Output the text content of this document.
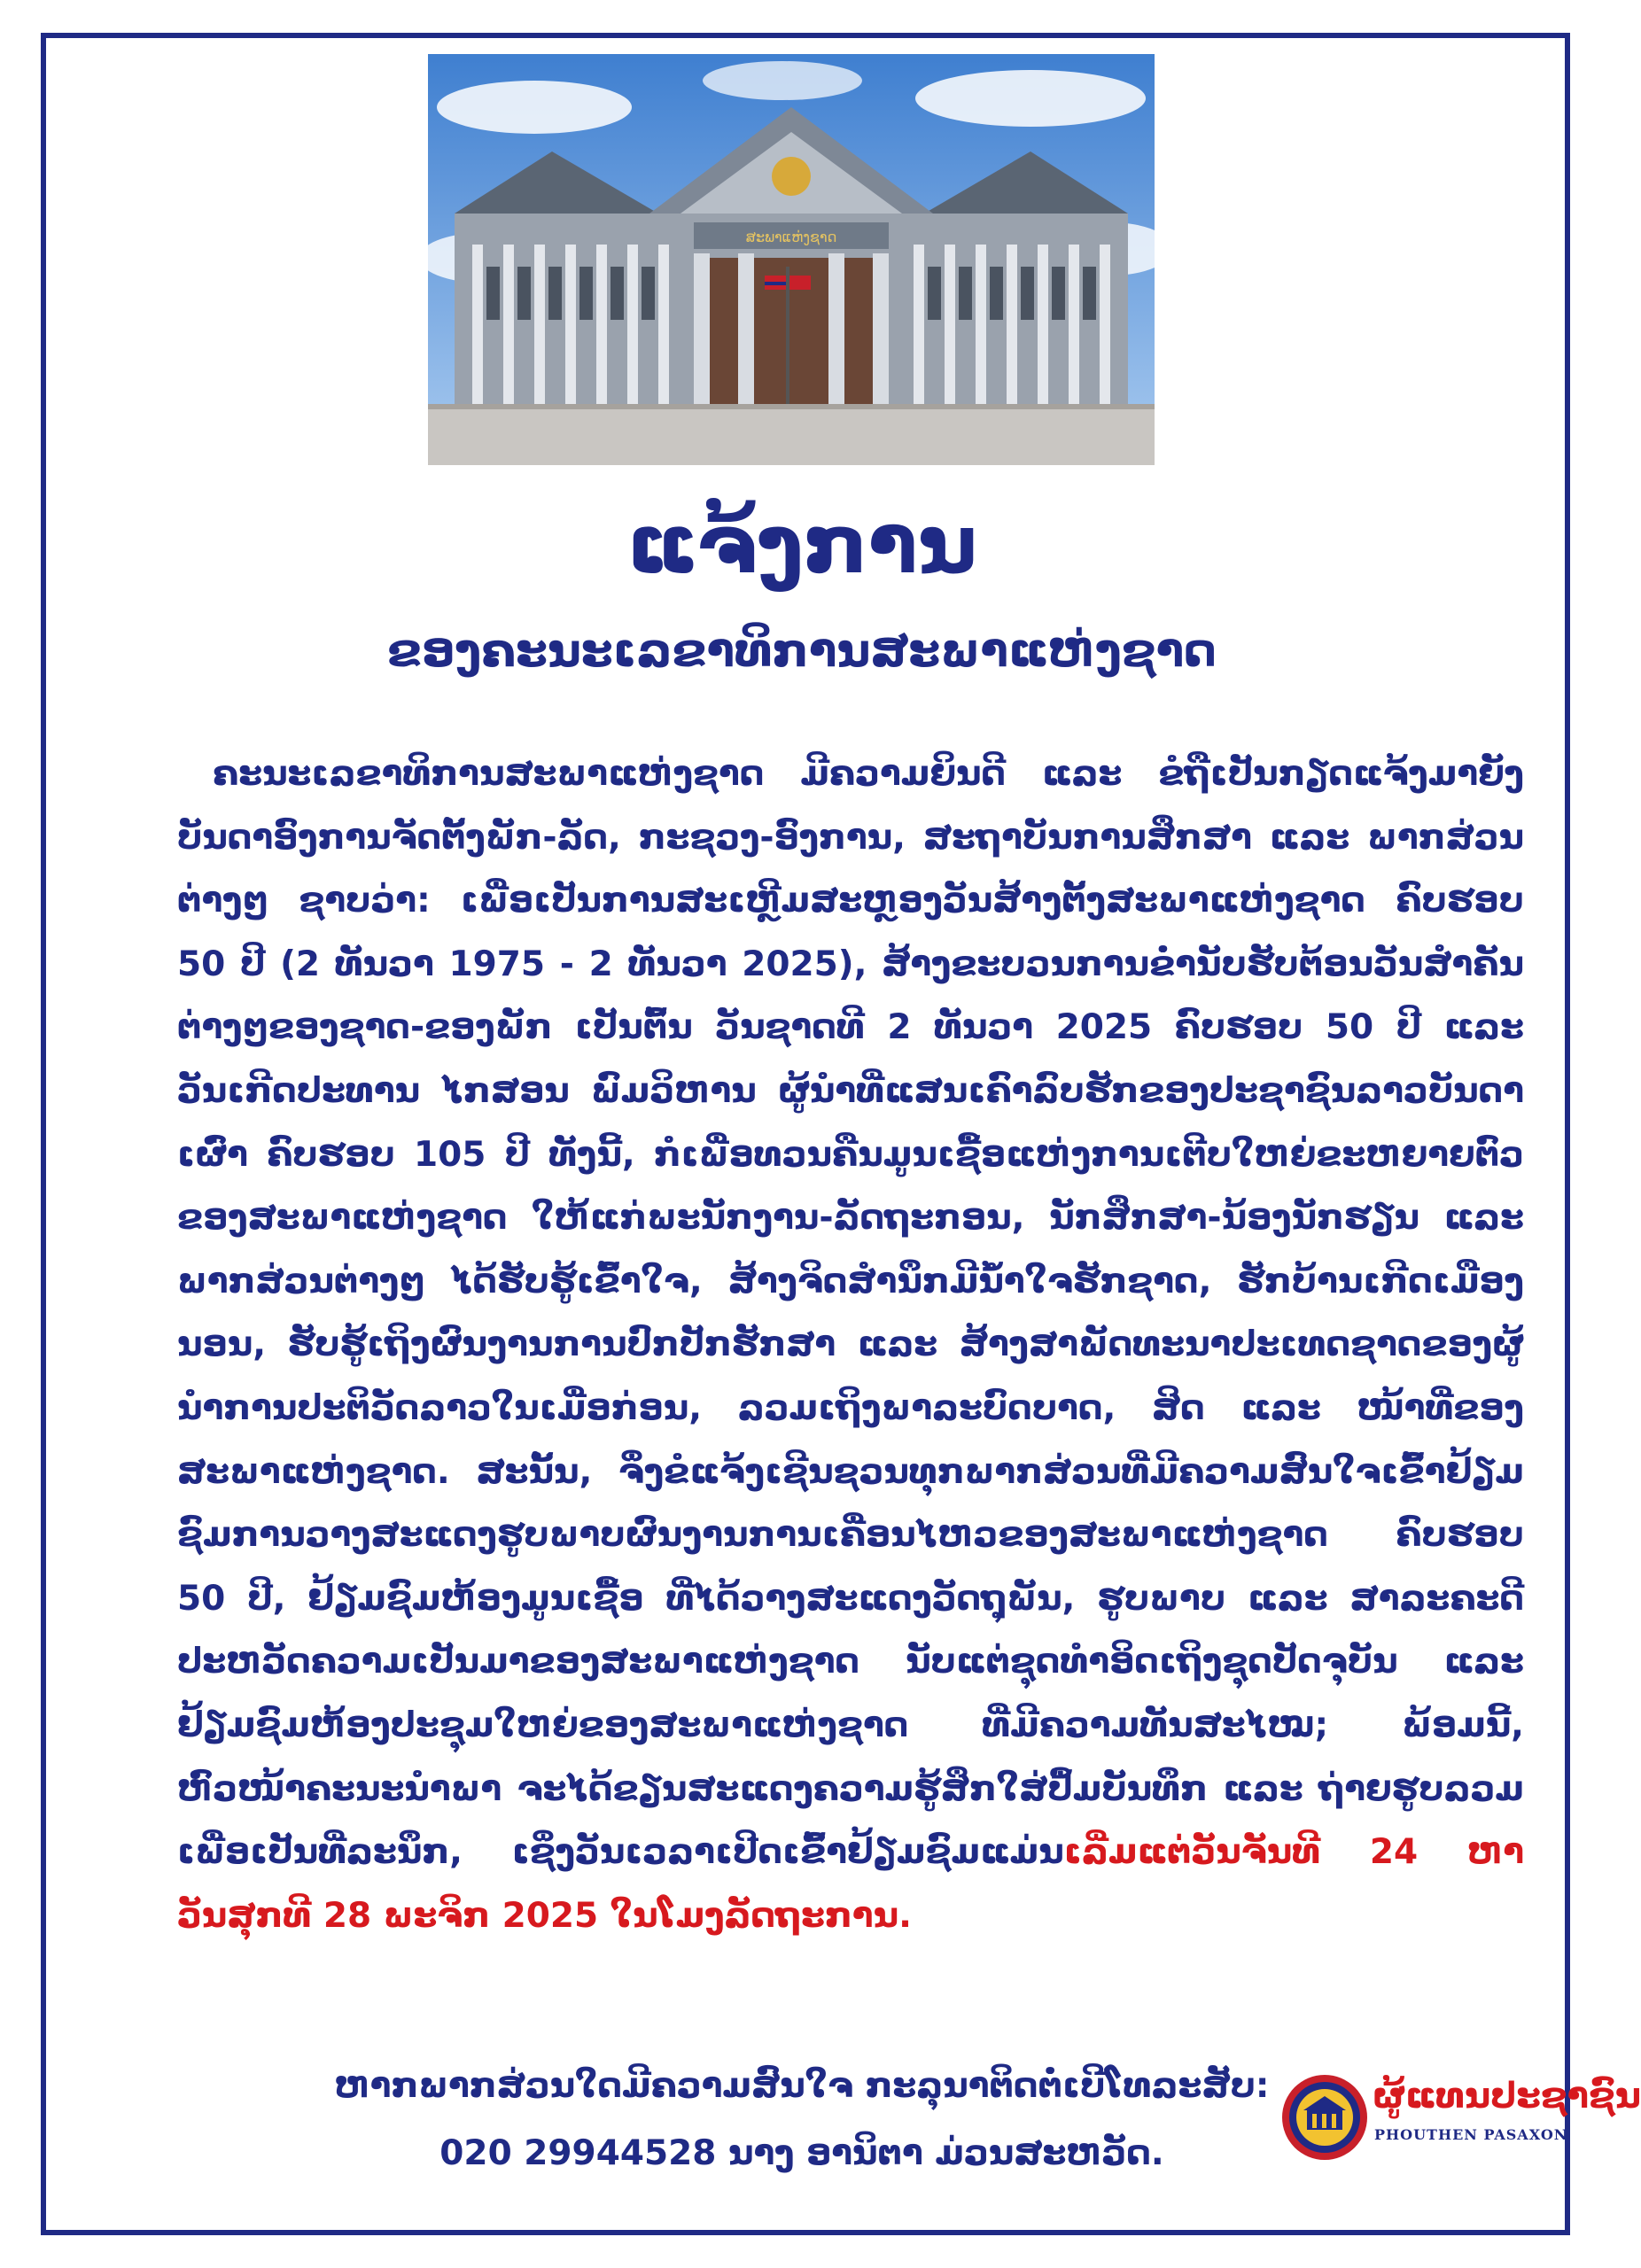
ສະພາແຫ່ງຊາດ
ແຈ້ງການ
ຂອງຄະນະເລຂາທິການສະພາແຫ່ງຊາດ

ຄະນະເລຂາທິການສະພາແຫ່ງຊາດ ມີຄວາມຍິນດີ ແລະ ຂໍຖືເປັນກຽດແຈ້ງມາຍັງບັນດາອົງການຈັດຕັ້ງພັກ-ລັດ, ກະຊວງ-ອົງການ, ສະຖາບັນການສຶກສາ ແລະ ພາກສ່ວນຕ່າງໆ ຊາບວ່າ: ເພື່ອເປັນການສະເຫຼີມສະຫຼອງວັນສ້າງຕັ້ງສະພາແຫ່ງຊາດ ຄົບຮອບ 50 ປີ (2 ທັນວາ 1975 - 2 ທັນວາ 2025), ສ້າງຂະບວນການຂໍ່ານັບຮັບຕ້ອນວັນສໍາຄັນຕ່າງໆຂອງຊາດ-ຂອງພັກ ເປັນຕົ້ນ ວັນຊາດທີ 2 ທັນວາ 2025 ຄົບຮອບ 50 ປີ ແລະ ວັນເກີດປະທານ ໄກສອນ ພົມວິຫານ ຜູ້ນໍາທີ່ແສນເຄົາລົບຮັກຂອງປະຊາຊົນລາວບັນດາເຜົ່າ ຄົບຮອບ 105 ປີ ທັງນີ້, ກໍເພື່ອທວນຄືນມູນເຊື້ອແຫ່ງການເຕີບໃຫຍ່ຂະຫຍາຍຕົວຂອງສະພາແຫ່ງຊາດ ໃຫ້ແກ່ພະນັກງານ-ລັດຖະກອນ, ນັກສຶກສາ-ນ້ອງນັກຮຽນ ແລະ ພາກສ່ວນຕ່າງໆ ໄດ້ຮັບຮູ້ເຂົ້າໃຈ, ສ້າງຈິດສໍານຶກມີນໍ້າໃຈຮັກຊາດ, ຮັກບ້ານເກີດເມືອງນອນ, ຮັບຮູ້ເຖິງຜົນງານການປົກປັກຮັກສາ ແລະ ສ້າງສາພັດທະນາປະເທດຊາດຂອງຜູ້ນໍາການປະຕິວັດລາວໃນເມື່ອກ່ອນ, ລວມເຖິງພາລະບົດບາດ, ສິດ ແລະ ໜ້າທີ່ຂອງສະພາແຫ່ງຊາດ. ສະນັ້ນ, ຈຶ່ງຂໍແຈ້ງເຊີນຊວນທຸກພາກສ່ວນທີ່ມີຄວາມສົນໃຈເຂົ້າຢ້ຽມຊົມການວາງສະແດງຮູບພາບຜົນງານການເຄື່ອນໄຫວຂອງສະພາແຫ່ງຊາດ ຄົບຮອບ 50 ປີ, ຢ້ຽມຊົມຫ້ອງມູນເຊື້ອ ທີ່ໄດ້ວາງສະແດງວັດຖຸພັນ, ຮູບພາບ ແລະ ສາລະຄະດີປະຫວັດຄວາມເປັນມາຂອງສະພາແຫ່ງຊາດ ນັບແຕ່ຊຸດທໍາອິດເຖິງຊຸດປັດຈຸບັນ ແລະ ຢ້ຽມຊົມຫ້ອງປະຊຸມໃຫຍ່ຂອງສະພາແຫ່ງຊາດ ທີ່ມີຄວາມທັນສະໄໝ; ພ້ອມນີ້, ຫົວໜ້າຄະນະນໍາພາ ຈະໄດ້ຂຽນສະແດງຄວາມຮູ້ສຶກໃສ່ປຶ້ມບັນທຶກ ແລະ ຖ່າຍຮູບລວມ ເພື່ອເປັນທີ່ລະນຶກ, ເຊິ່ງວັນເວລາເປີດເຂົ້າຢ້ຽມຊົມແມ່ນເລີ່ມແຕ່ວັນຈັນທີ 24 ຫາ ວັນສຸກທີ 28 ພະຈິກ 2025 ໃນໂມງລັດຖະການ.

ຫາກພາກສ່ວນໃດມີຄວາມສົນໃຈ ກະລຸນາຕິດຕໍ່ເບີໂທລະສັບ:
020 29944528 ນາງ ອານິຕາ ມ່ວນສະຫວັດ.
ຜູ້ແທນປະຊາຊົນ
PHOUTHEN PASAXON
